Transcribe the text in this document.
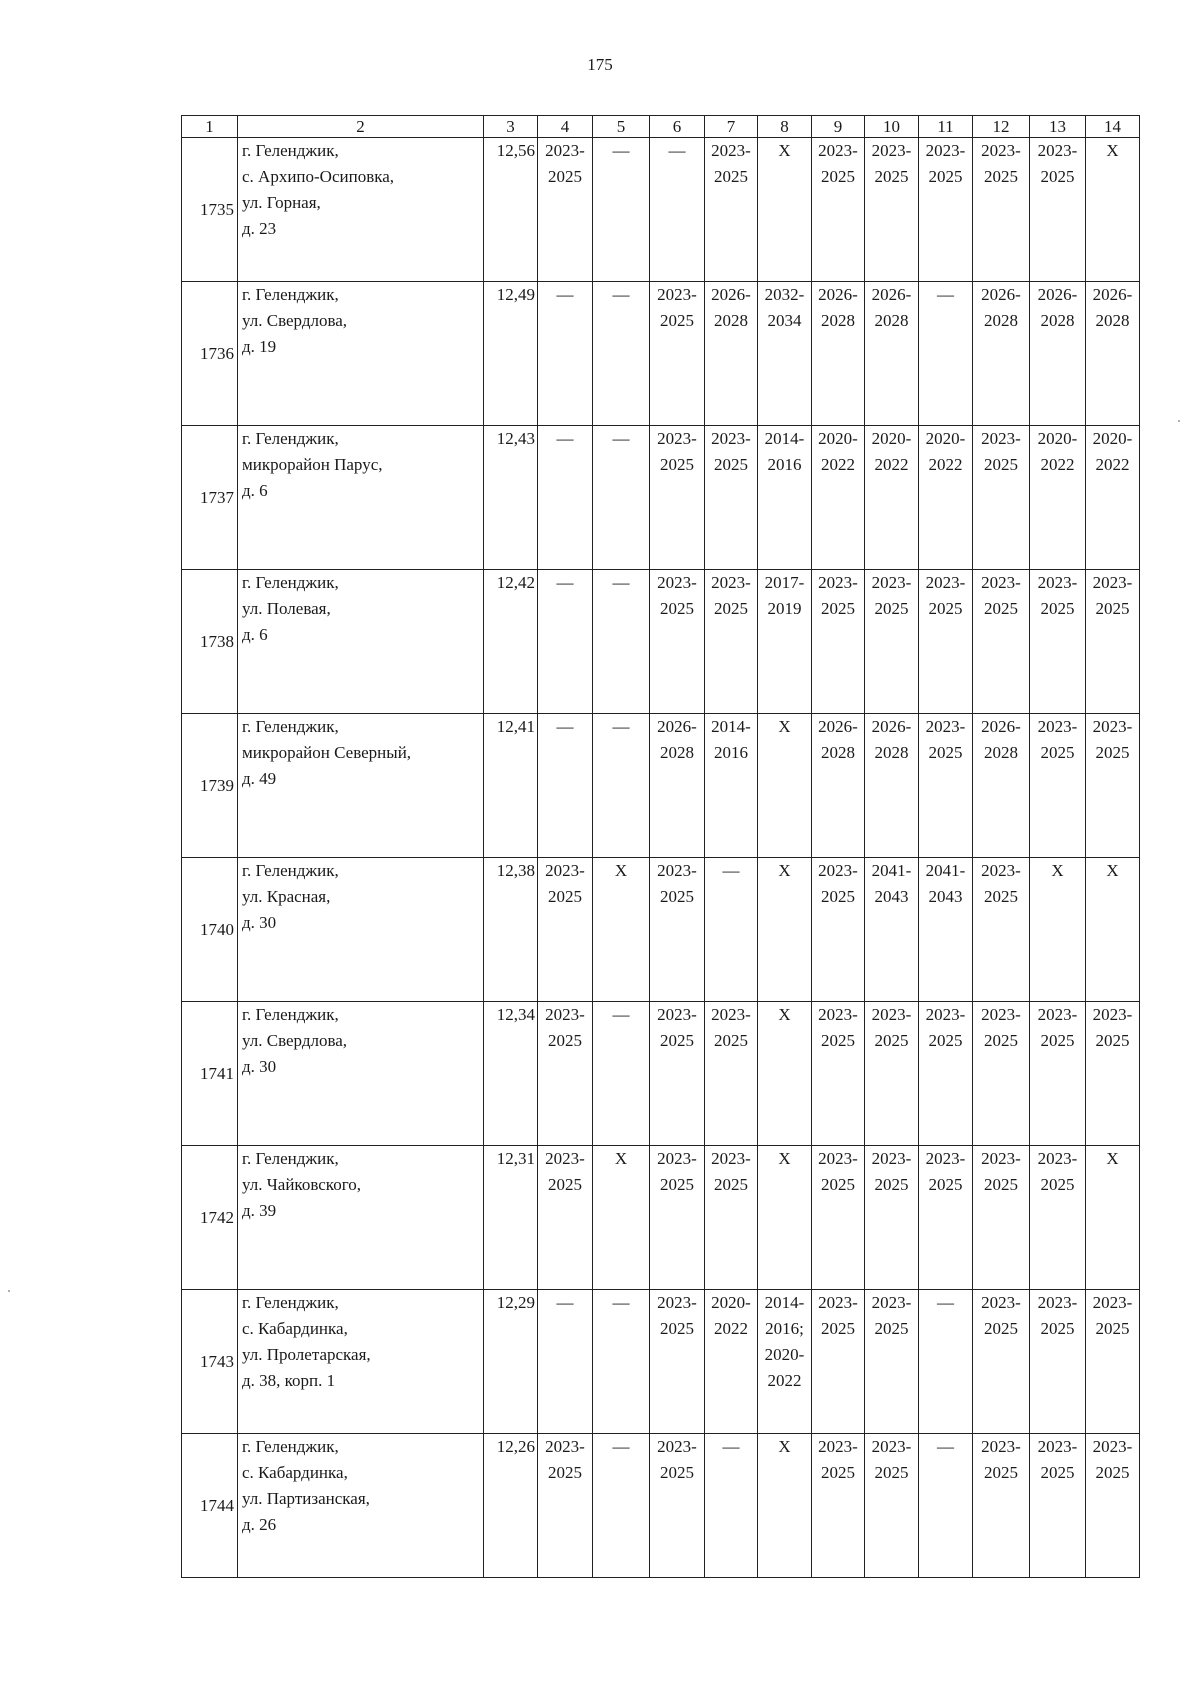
175
1	2	3	4	5	6	7	8	9	10	11	12	13	14
1735	г. Геленджик,
с. Архипо-Осиповка,
ул. Горная,
д. 23	12,56	2023-
2025	—	—	2023-
2025	Х	2023-
2025	2023-
2025	2023-
2025	2023-
2025	2023-
2025	Х

1736	г. Геленджик,
ул. Свердлова,
д. 19	12,49	—	—	2023-
2025	2026-
2028	2032-
2034	2026-
2028	2026-
2028	—	2026-
2028	2026-
2028	2026-
2028

1737	г. Геленджик,
микрорайон Парус,
д. 6	12,43	—	—	2023-
2025	2023-
2025	2014-
2016	2020-
2022	2020-
2022	2020-
2022	2023-
2025	2020-
2022	2020-
2022

1738	г. Геленджик,
ул. Полевая,
д. 6	12,42	—	—	2023-
2025	2023-
2025	2017-
2019	2023-
2025	2023-
2025	2023-
2025	2023-
2025	2023-
2025	2023-
2025

1739	г. Геленджик,
микрорайон Северный,
д. 49	12,41	—	—	2026-
2028	2014-
2016	Х	2026-
2028	2026-
2028	2023-
2025	2026-
2028	2023-
2025	2023-
2025

1740	г. Геленджик,
ул. Красная,
д. 30	12,38	2023-
2025	Х	2023-
2025	—	Х	2023-
2025	2041-
2043	2041-
2043	2023-
2025	Х	Х

1741	г. Геленджик,
ул. Свердлова,
д. 30	12,34	2023-
2025	—	2023-
2025	2023-
2025	Х	2023-
2025	2023-
2025	2023-
2025	2023-
2025	2023-
2025	2023-
2025

1742	г. Геленджик,
ул. Чайковского,
д. 39	12,31	2023-
2025	Х	2023-
2025	2023-
2025	Х	2023-
2025	2023-
2025	2023-
2025	2023-
2025	2023-
2025	Х

1743	г. Геленджик,
с. Кабардинка,
ул. Пролетарская,
д. 38, корп. 1	12,29	—	—	2023-
2025	2020-
2022	2014-
2016;
2020-
2022	2023-
2025	2023-
2025	—	2023-
2025	2023-
2025	2023-
2025

1744	г. Геленджик,
с. Кабардинка,
ул. Партизанская,
д. 26	12,26	2023-
2025	—	2023-
2025	—	Х	2023-
2025	2023-
2025	—	2023-
2025	2023-
2025	2023-
2025
